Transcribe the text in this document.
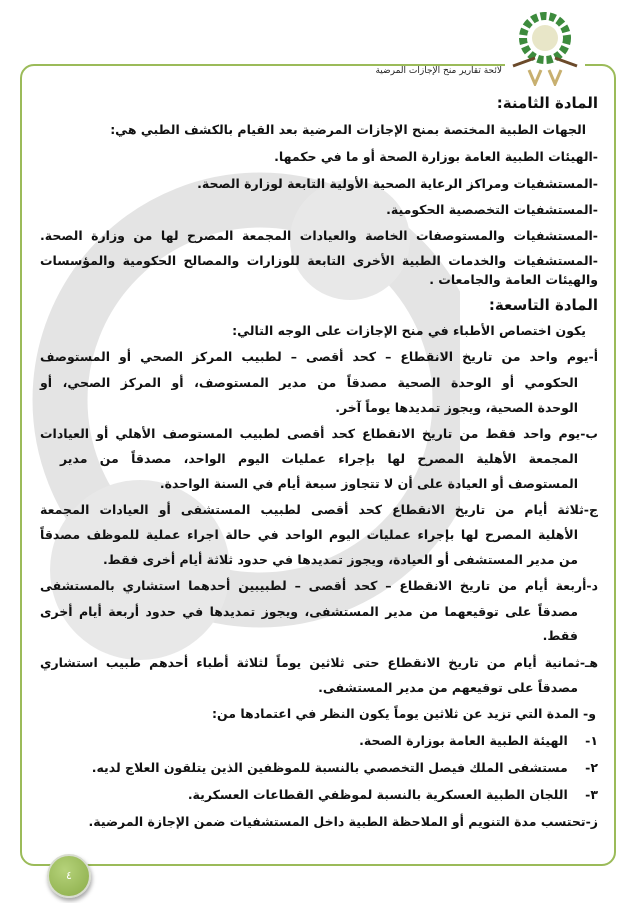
لائحة تقارير منح الإجازات المرضية
المادة الثامنة:
الجهات الطبية المختصة بمنح الإجازات المرضية بعد القيام بالكشف الطبي هي:
-الهيئات الطبية العامة بوزارة الصحة أو ما في حكمها.
-المستشفيات ومراكز الرعاية الصحية الأولية التابعة لوزارة الصحة.
-المستشفيات التخصصية الحكومية.
-المستشفيات والمستوصفات الخاصة والعيادات المجمعة المصرح لها من وزارة الصحة.
-المستشفيات والخدمات الطبية الأخرى التابعة للوزارات والمصالح الحكومية والمؤسسات
والهيئات العامة والجامعات .
المادة التاسعة:
يكون اختصاص الأطباء في منح الإجازات على الوجه التالي:
أ-يوم واحد من تاريخ الانقطاع – كحد أقصى – لطبيب المركز الصحي أو المستوصف
الحكومي أو الوحدة الصحية مصدقاً من مدير المستوصف، أو المركز الصحي، أو
الوحدة الصحية، ويجوز تمديدها يوماً آخر.
ب-يوم واحد فقط من تاريخ الانقطاع كحد أقصى لطبيب المستوصف الأهلي أو العيادات
المجمعة الأهلية المصرح لها بإجراء عمليات اليوم الواحد، مصدقاً من مدير
المستوصف أو العيادة على أن لا تتجاوز سبعة أيام في السنة الواحدة.
ج-ثلاثة أيام من تاريخ الانقطاع كحد أقصى لطبيب المستشفى أو العيادات المجمعة
الأهلية المصرح لها بإجراء عمليات اليوم الواحد في حالة اجراء عملية للموظف مصدقاً
من مدير المستشفى أو العيادة، ويجوز تمديدها في حدود ثلاثة أيام أخرى فقط.
د-أربعة أيام من تاريخ الانقطاع – كحد أقصى – لطبيبين أحدهما استشاري بالمستشفى
مصدقاً على توقيعهما من مدير المستشفى، ويجوز تمديدها في حدود أربعة أيام أخرى
فقط.
هـ-ثمانية أيام من تاريخ الانقطاع حتى ثلاثين يوماً لثلاثة أطباء أحدهم طبيب استشاري
مصدقاً على توقيعهم من مدير المستشفى.
و- المدة التي تزيد عن ثلاثين يوماً يكون النظر في اعتمادها من:
١-    الهيئة الطبية العامة بوزارة الصحة.
٢-    مستشفى الملك فيصل التخصصي بالنسبة للموظفين الذين يتلقون العلاج لديه.
٣-    اللجان الطبية العسكرية بالنسبة لموظفي القطاعات العسكرية.
ز-تحتسب مدة التنويم أو الملاحظة الطبية داخل المستشفيات ضمن الإجازة المرضية.
٤
